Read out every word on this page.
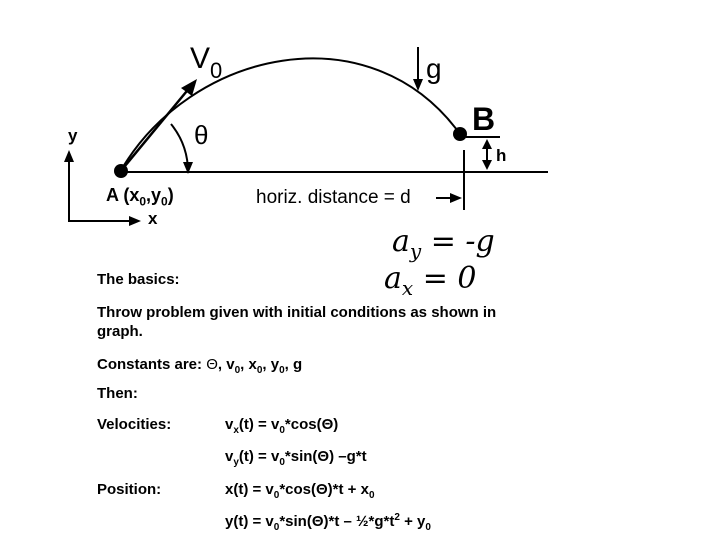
$V_0$	g
B
θ
h
y
x
A $(x_0,y_0)$	horiz. distance = d
$a_y = -g$
$a_x = 0$
The basics:
Throw problem given with initial conditions as shown in graph.
Constants are: Θ, $v_0$, $x_0$, $y_0$, g
Then:
Velocities:	$v_x(t) = v_0*\cos(\Theta)$
$v_y(t) = v_0*\sin(\Theta)$ –g*t
Position:	$x(t) = v_0*\cos(\Theta)*t + x_0$
$y(t) = v_0*\sin(\Theta)*t$ – $\frac{1}{2}*g*t^2 + y_0$
